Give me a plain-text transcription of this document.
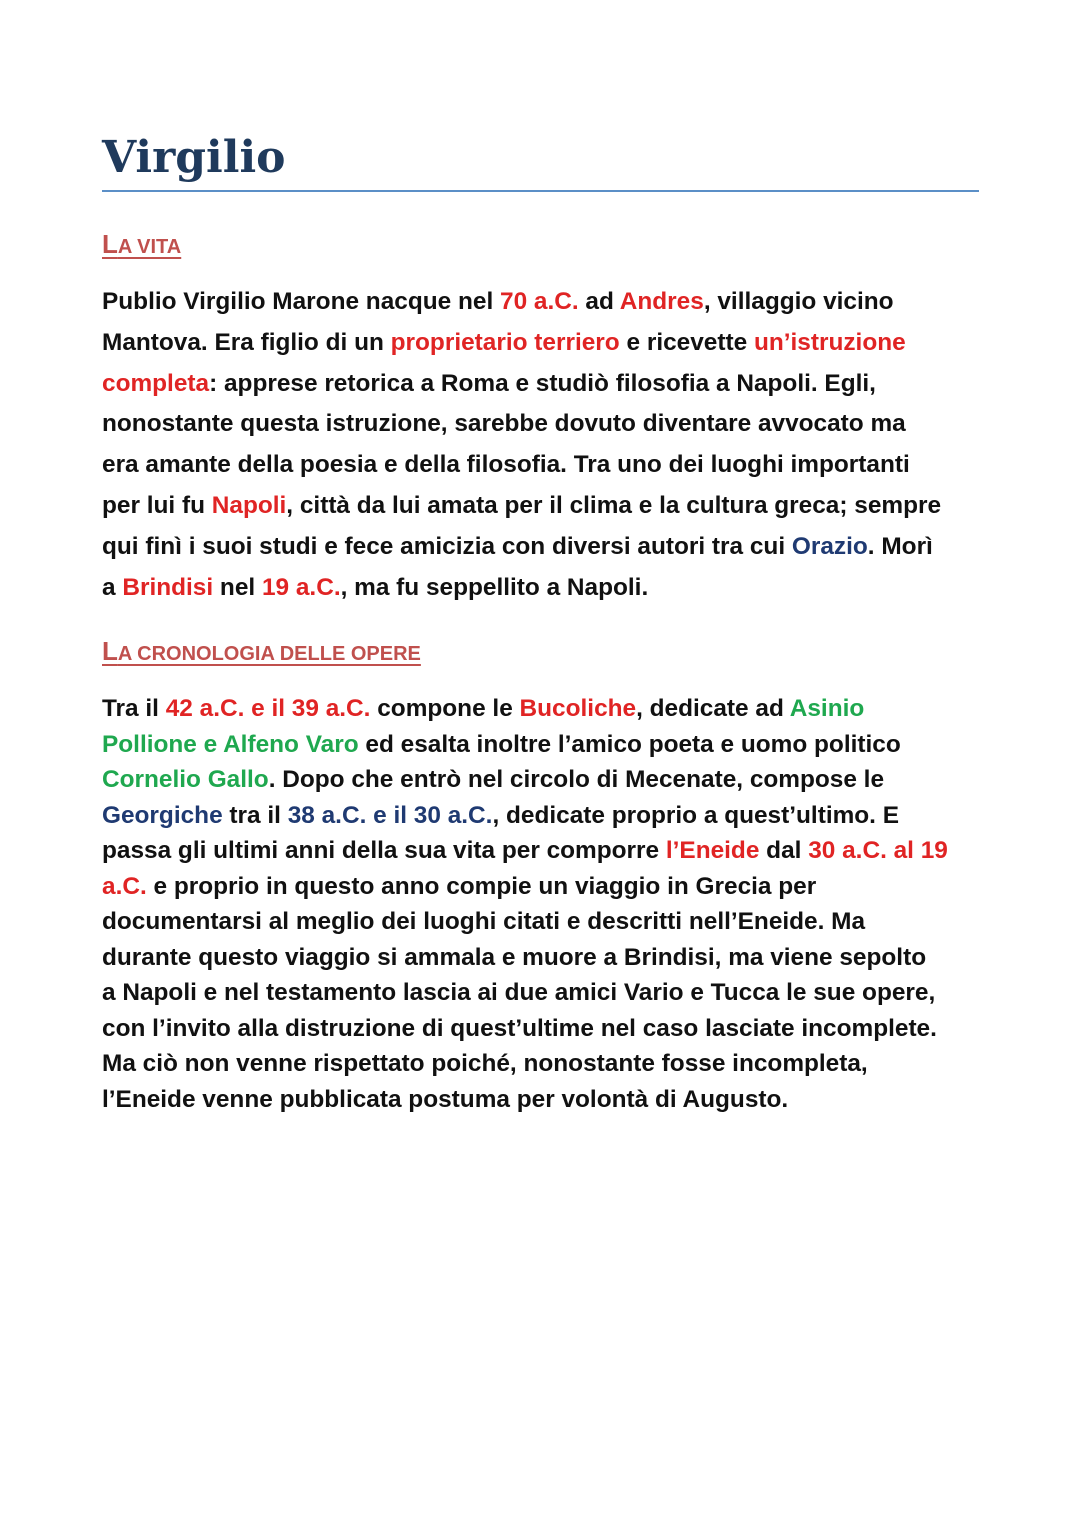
Virgilio
LA VITA

Publio Virgilio Marone nacque nel 70 a.C. ad Andres, villaggio vicino
Mantova. Era figlio di un proprietario terriero e ricevette un’istruzione
completa: apprese retorica a Roma e studiò filosofia a Napoli. Egli,
nonostante questa istruzione, sarebbe dovuto diventare avvocato ma
era amante della poesia e della filosofia. Tra uno dei luoghi importanti
per lui fu Napoli, città da lui amata per il clima e la cultura greca; sempre
qui finì i suoi studi e fece amicizia con diversi autori tra cui Orazio. Morì
a Brindisi nel 19 a.C., ma fu seppellito a Napoli.

LA CRONOLOGIA DELLE OPERE

Tra il 42 a.C. e il 39 a.C. compone le Bucoliche, dedicate ad Asinio
Pollione e Alfeno Varo ed esalta inoltre l’amico poeta e uomo politico
Cornelio Gallo. Dopo che entrò nel circolo di Mecenate, compose le
Georgiche tra il 38 a.C. e il 30 a.C., dedicate proprio a quest’ultimo. E
passa gli ultimi anni della sua vita per comporre l’Eneide dal 30 a.C. al 19
a.C. e proprio in questo anno compie un viaggio in Grecia per
documentarsi al meglio dei luoghi citati e descritti nell’Eneide. Ma
durante questo viaggio si ammala e muore a Brindisi, ma viene sepolto
a Napoli e nel testamento lascia ai due amici Vario e Tucca le sue opere,
con l’invito alla distruzione di quest’ultime nel caso lasciate incomplete.
Ma ciò non venne rispettato poiché, nonostante fosse incompleta,
l’Eneide venne pubblicata postuma per volontà di Augusto.
